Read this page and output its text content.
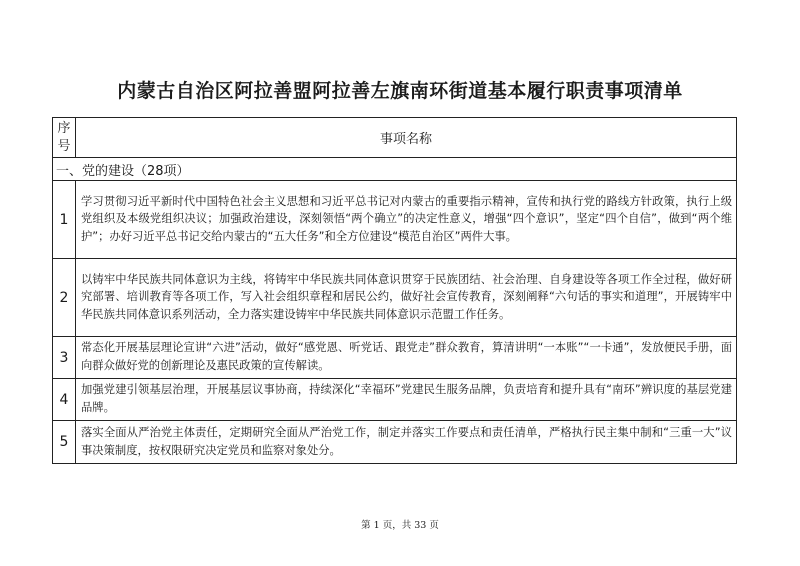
内蒙古自治区阿拉善盟阿拉善左旗南环街道基本履行职责事项清单
序
号	事项名称
一、党的建设（28项）	
1	学习贯彻习近平新时代中国特色社会主义思想和习近平总书记对内蒙古的重要指示精神，宣传和执行党的路线方针政策，执行上级党组织及本级党组织决议；加强政治建设，深刻领悟“两个确立”的决定性意义，增强“四个意识”，坚定“四个自信”，做到“两个维护”；办好习近平总书记交给内蒙古的“五大任务”和全方位建设“模范自治区”两件大事。
2	以铸牢中华民族共同体意识为主线，将铸牢中华民族共同体意识贯穿于民族团结、社会治理、自身建设等各项工作全过程，做好研究部署、培训教育等各项工作，写入社会组织章程和居民公约，做好社会宣传教育，深刻阐释“六句话的事实和道理”，开展铸牢中华民族共同体意识系列活动，全力落实建设铸牢中华民族共同体意识示范盟工作任务。
3	常态化开展基层理论宣讲“六进”活动，做好“感党恩、听党话、跟党走”群众教育，算清讲明“一本账”“一卡通”，发放便民手册，面向群众做好党的创新理论及惠民政策的宣传解读。
4	加强党建引领基层治理，开展基层议事协商，持续深化“幸福环”党建民生服务品牌，负责培育和提升具有“南环”辨识度的基层党建品牌。
5	落实全面从严治党主体责任，定期研究全面从严治党工作，制定并落实工作要点和责任清单，严格执行民主集中制和“三重一大”议事决策制度，按权限研究决定党员和监察对象处分。
第 1 页，共 33 页
